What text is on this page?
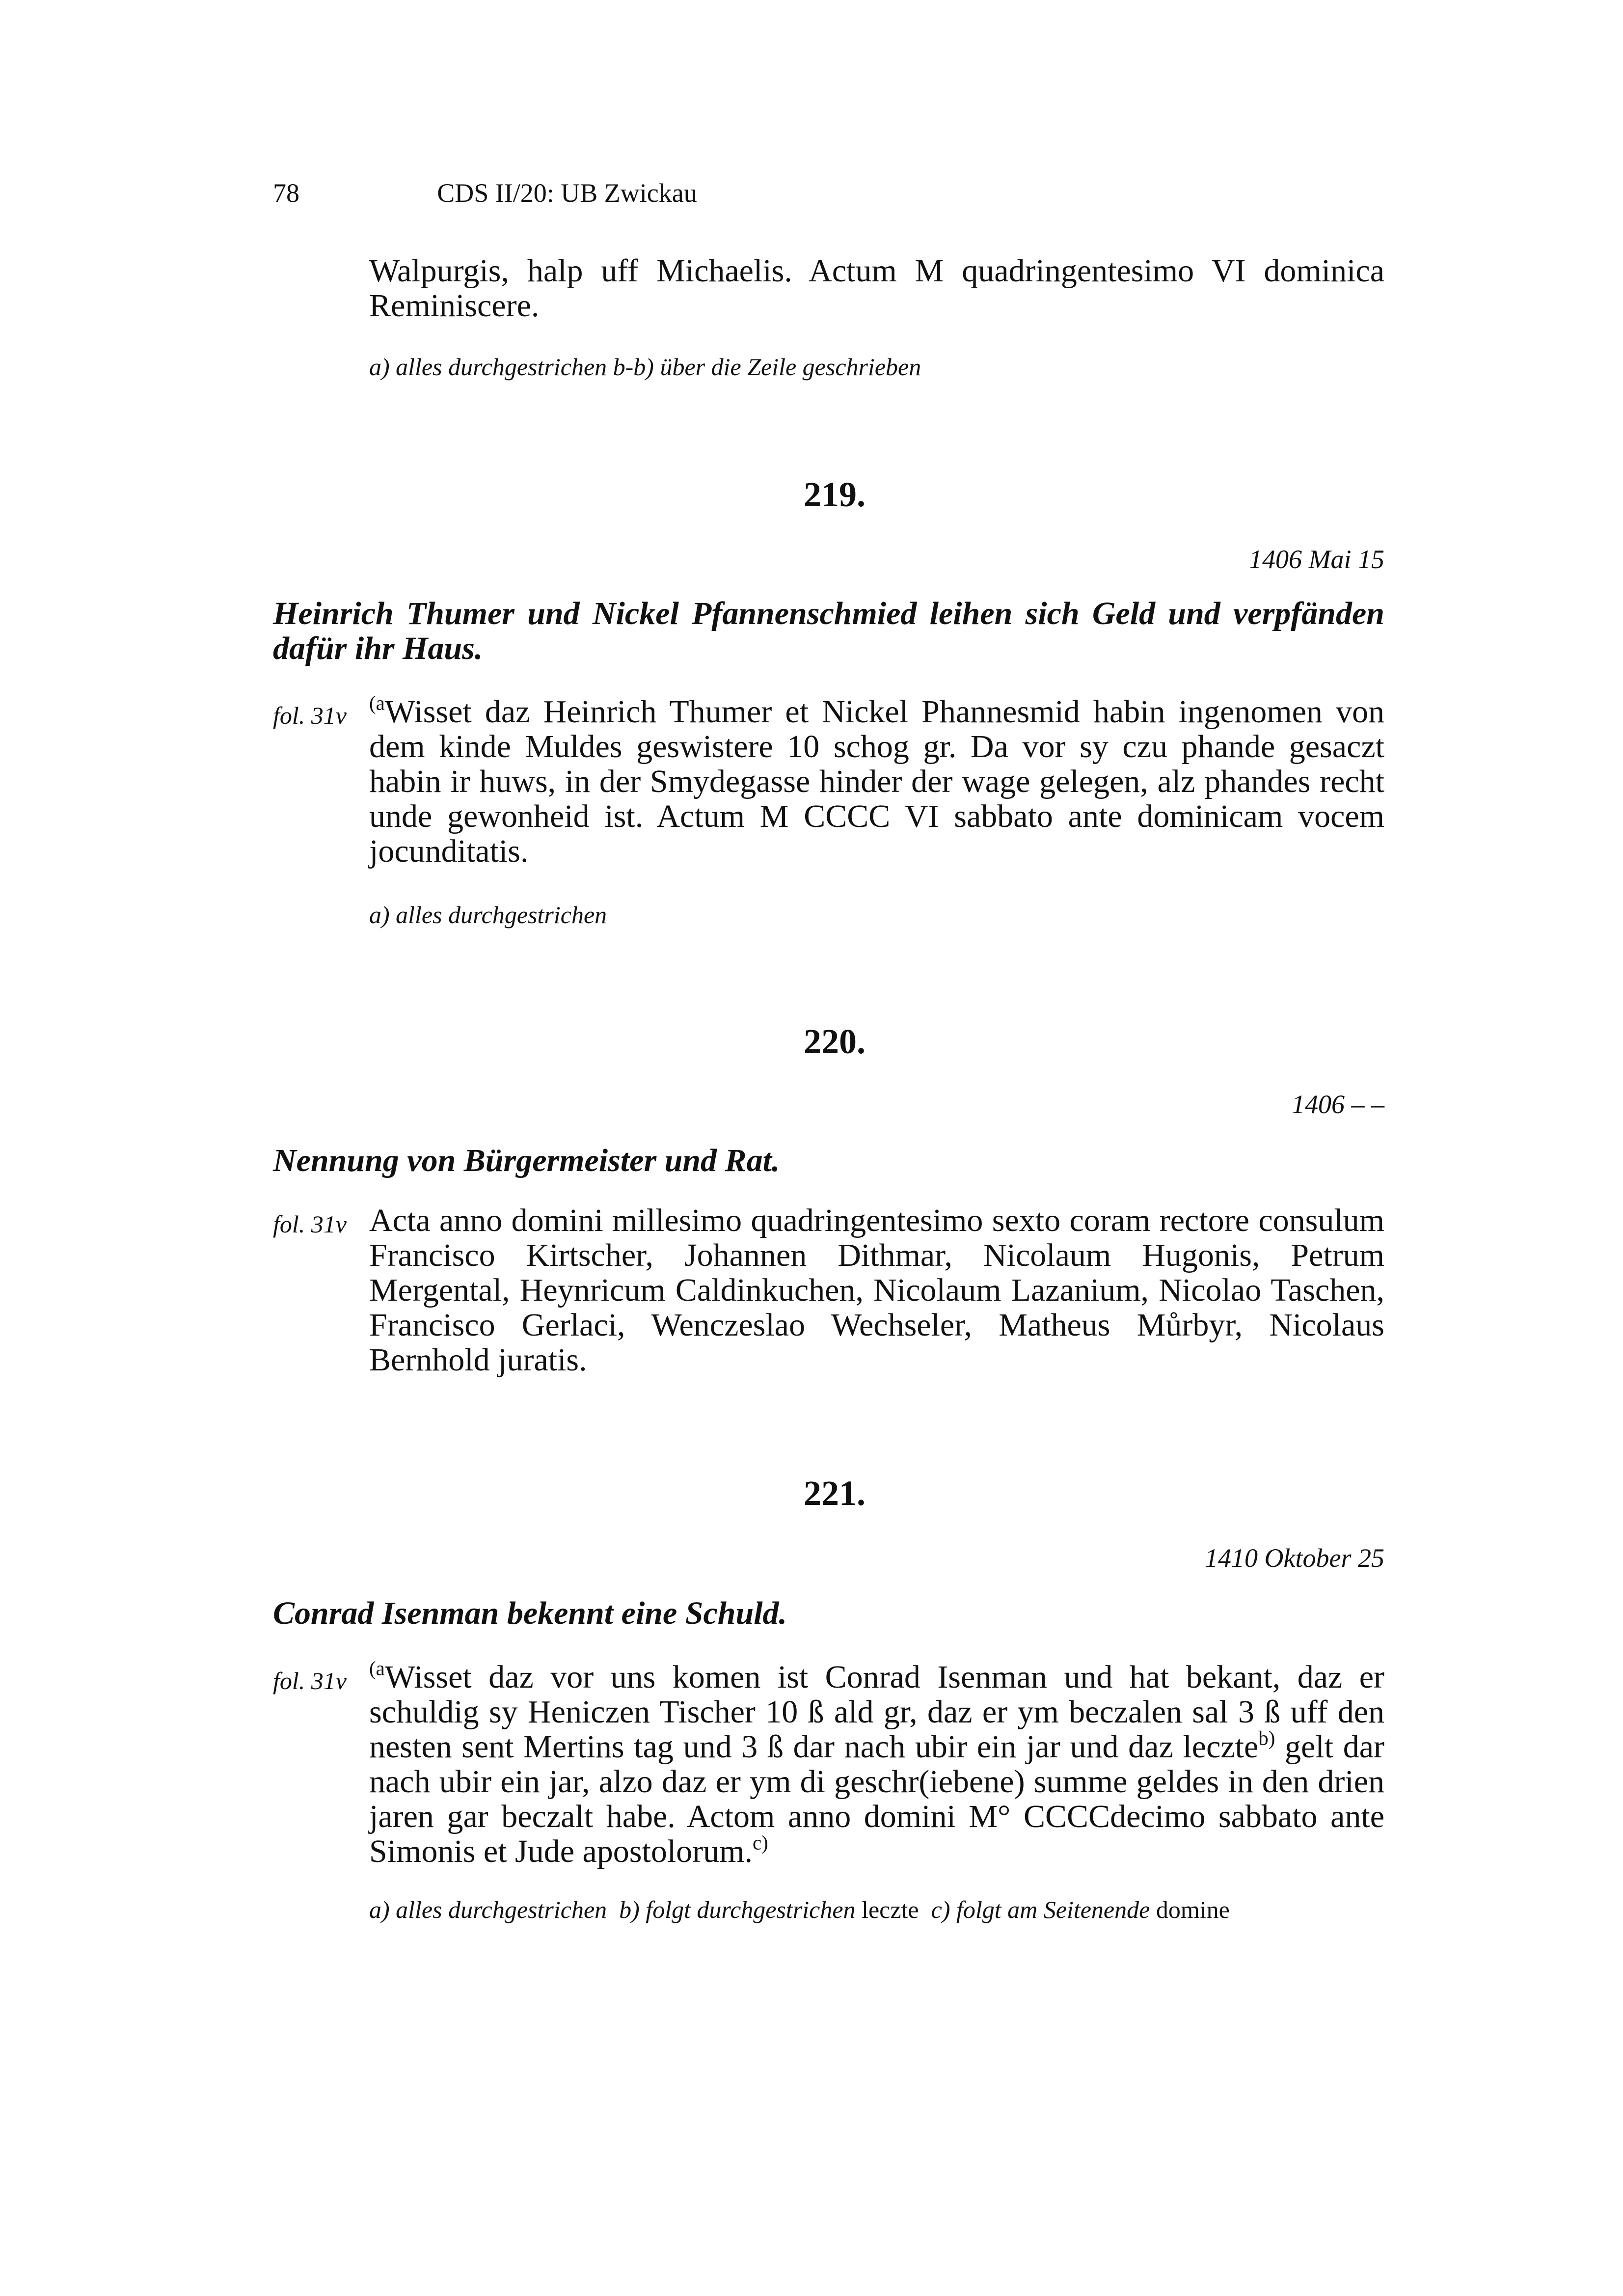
78	CDS II/20: UB Zwickau
Walpurgis, halp uff Michaelis. Actum M quadringentesimo VI dominica
Reminiscere.
a) alles durchgestrichen b-b) über die Zeile geschrieben
219.
1406 Mai 15
Heinrich Thumer und Nickel Pfannenschmied leihen sich Geld und verpfänden dafür ihr Haus.
fol. 31v $^{(a}$Wisset daz Heinrich Thumer et Nickel Phannesmid habin ingenomen von dem kinde Muldes geswistere 10 schog gr. Da vor sy czu phande gesaczt habin ir huws, in der Smydegasse hinder der wage gelegen, alz phandes recht unde gewonheid ist. Actum M CCCC VI sabbato ante dominicam vocem jocunditatis.
a) alles durchgestrichen
220.
1406 – –
Nennung von Bürgermeister und Rat.
fol. 31v Acta anno domini millesimo quadringentesimo sexto coram rectore consulum Francisco Kirtscher, Johannen Dithmar, Nicolaum Hugonis, Petrum Mergental, Heynricum Caldinkuchen, Nicolaum Lazanium, Nicolao Taschen, Francisco Gerlaci, Wenczeslao Wechseler, Matheus Můrbyr, Nicolaus Bernhold juratis.
221.
1410 Oktober 25
Conrad Isenman bekennt eine Schuld.
fol. 31v $^{(a}$Wisset daz vor uns komen ist Conrad Isenman und hat bekant, daz er schuldig sy Heniczen Tischer 10 ß ald gr, daz er ym beczalen sal 3 ß uff den nesten sent Mertins tag und 3 ß dar nach ubir ein jar und daz leczte$^{b)}$ gelt dar nach ubir ein jar, alzo daz er ym di geschr(iebene) summe geldes in den drien jaren gar beczalt habe. Actom anno domini M° CCCCdecimo sabbato ante Simonis et Jude apostolorum.$^{c)}$
a) alles durchgestrichen b) folgt durchgestrichen leczte c) folgt am Seitenende domine
